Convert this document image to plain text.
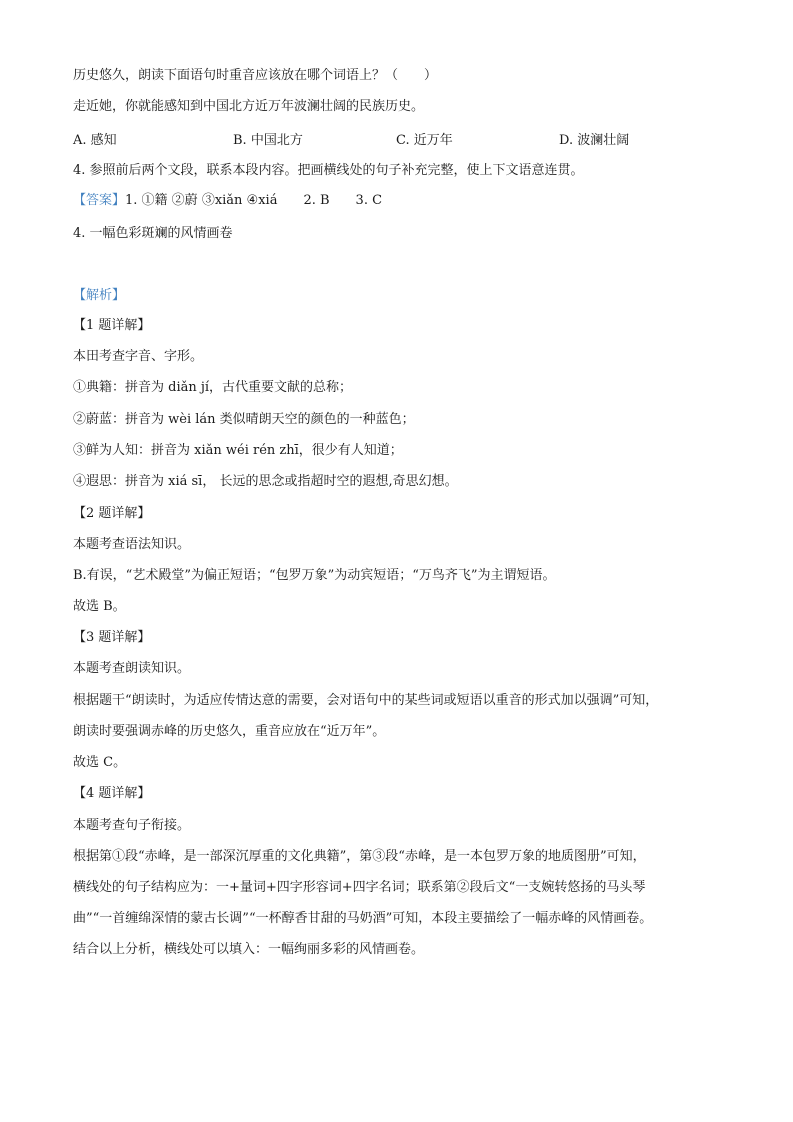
历史悠久，朗读下面语句时重音应该放在哪个词语上？（　　）
走近她，你就能感知到中国北方近万年波澜壮阔的民族历史。
A. 感知	B. 中国北方	C. 近万年	D. 波澜壮阔
4. 参照前后两个文段，联系本段内容。把画横线处的句子补充完整，使上下文语意连贯。
【答案】1. ①籍 ②蔚 ③xiǎn ④xiá　　2. B　　3. C
4. 一幅色彩斑斓的风情画卷
【解析】
【1 题详解】
本田考查字音、字形。
①典籍：拼音为 diǎn jí，古代重要文献的总称；
②蔚蓝：拼音为 wèi lán 类似晴朗天空的颜色的一种蓝色；
③鲜为人知：拼音为 xiǎn wéi rén zhī，很少有人知道；
④遐思：拼音为 xiá sī， 长远的思念或指超时空的遐想,奇思幻想。
【2 题详解】
本题考查语法知识。
B.有误，“艺术殿堂”为偏正短语；“包罗万象”为动宾短语；“万鸟齐飞”为主谓短语。
故选 B。
【3 题详解】
本题考查朗读知识。
根据题干“朗读时，为适应传情达意的需要，会对语句中的某些词或短语以重音的形式加以强调”可知，
朗读时要强调赤峰的历史悠久，重音应放在“近万年”。
故选 C。
【4 题详解】
本题考查句子衔接。
根据第①段“赤峰，是一部深沉厚重的文化典籍”，第③段“赤峰，是一本包罗万象的地质图册”可知，
横线处的句子结构应为：一+量词+四字形容词+四字名词；联系第②段后文“一支婉转悠扬的马头琴
曲”“一首缠绵深情的蒙古长调”“一杯醇香甘甜的马奶酒”可知，本段主要描绘了一幅赤峰的风情画卷。
结合以上分析，横线处可以填入：一幅绚丽多彩的风情画卷。
